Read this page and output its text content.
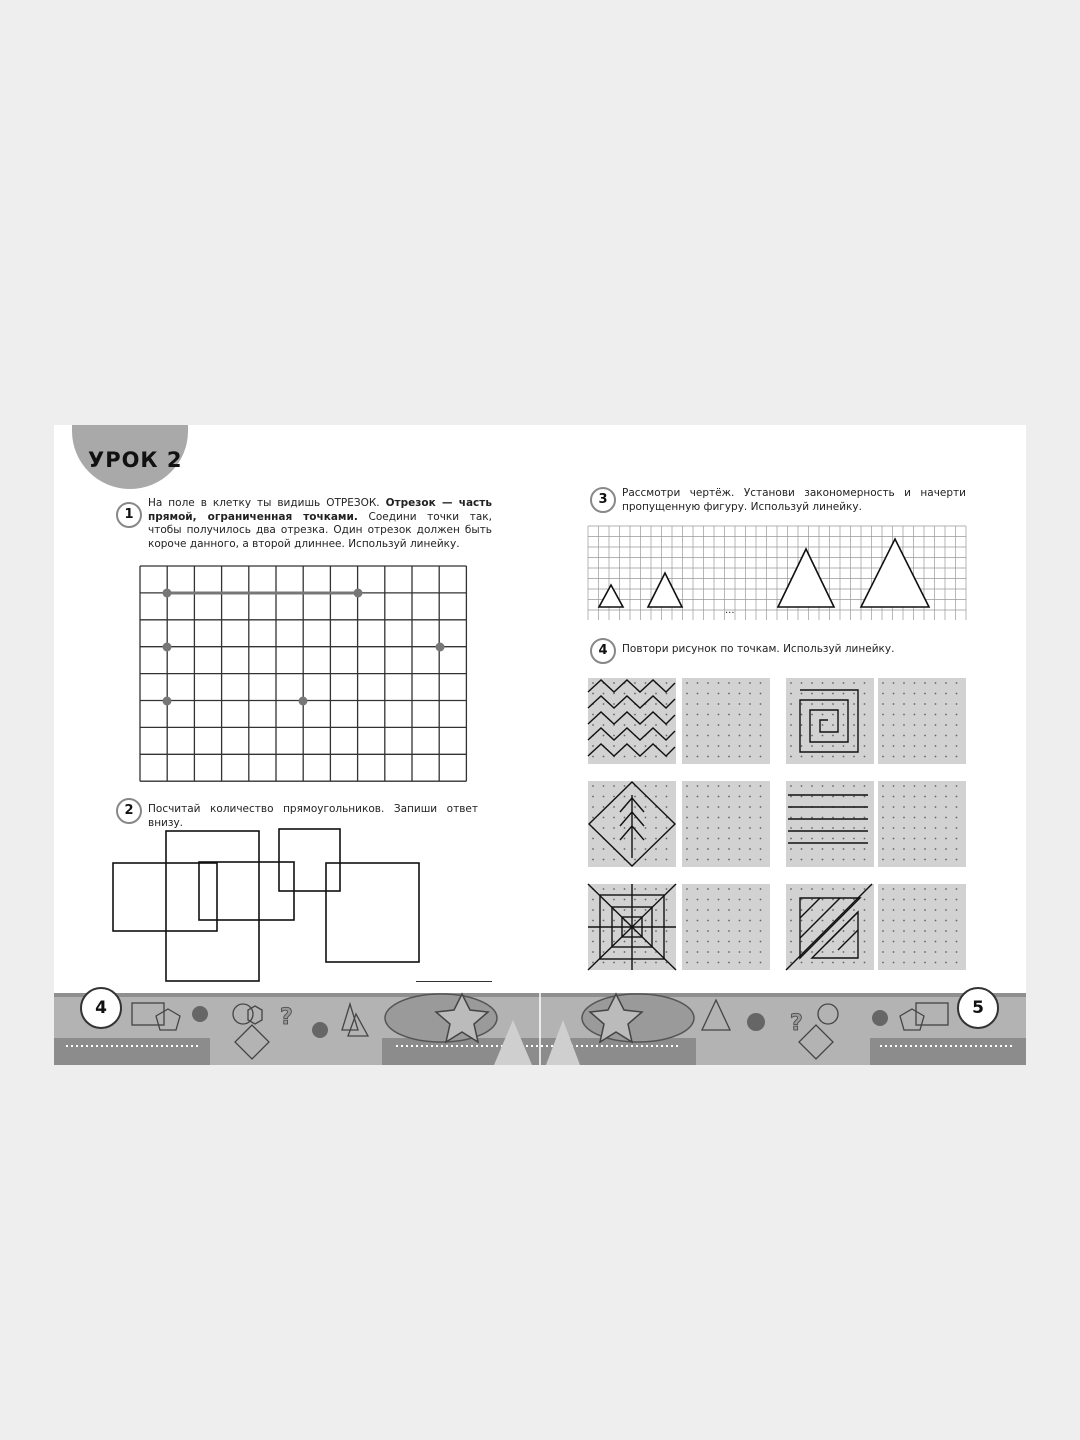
УРОК 2
1
На поле в клетку ты видишь ОТРЕЗОК. Отрезок — часть прямой, ограниченная точками. Соедини точки так, чтобы получилось два отрезка. Один отрезок должен быть короче данного, а второй длиннее. Используй линейку.
2	Посчитай количество прямоугольников. Запиши ответ внизу.
3	Рассмотри чертёж. Установи закономерность и начерти пропущенную фигуру. Используй линейку.
4	Повтори рисунок по точкам. Используй линейку.
...
?	?
4	5
